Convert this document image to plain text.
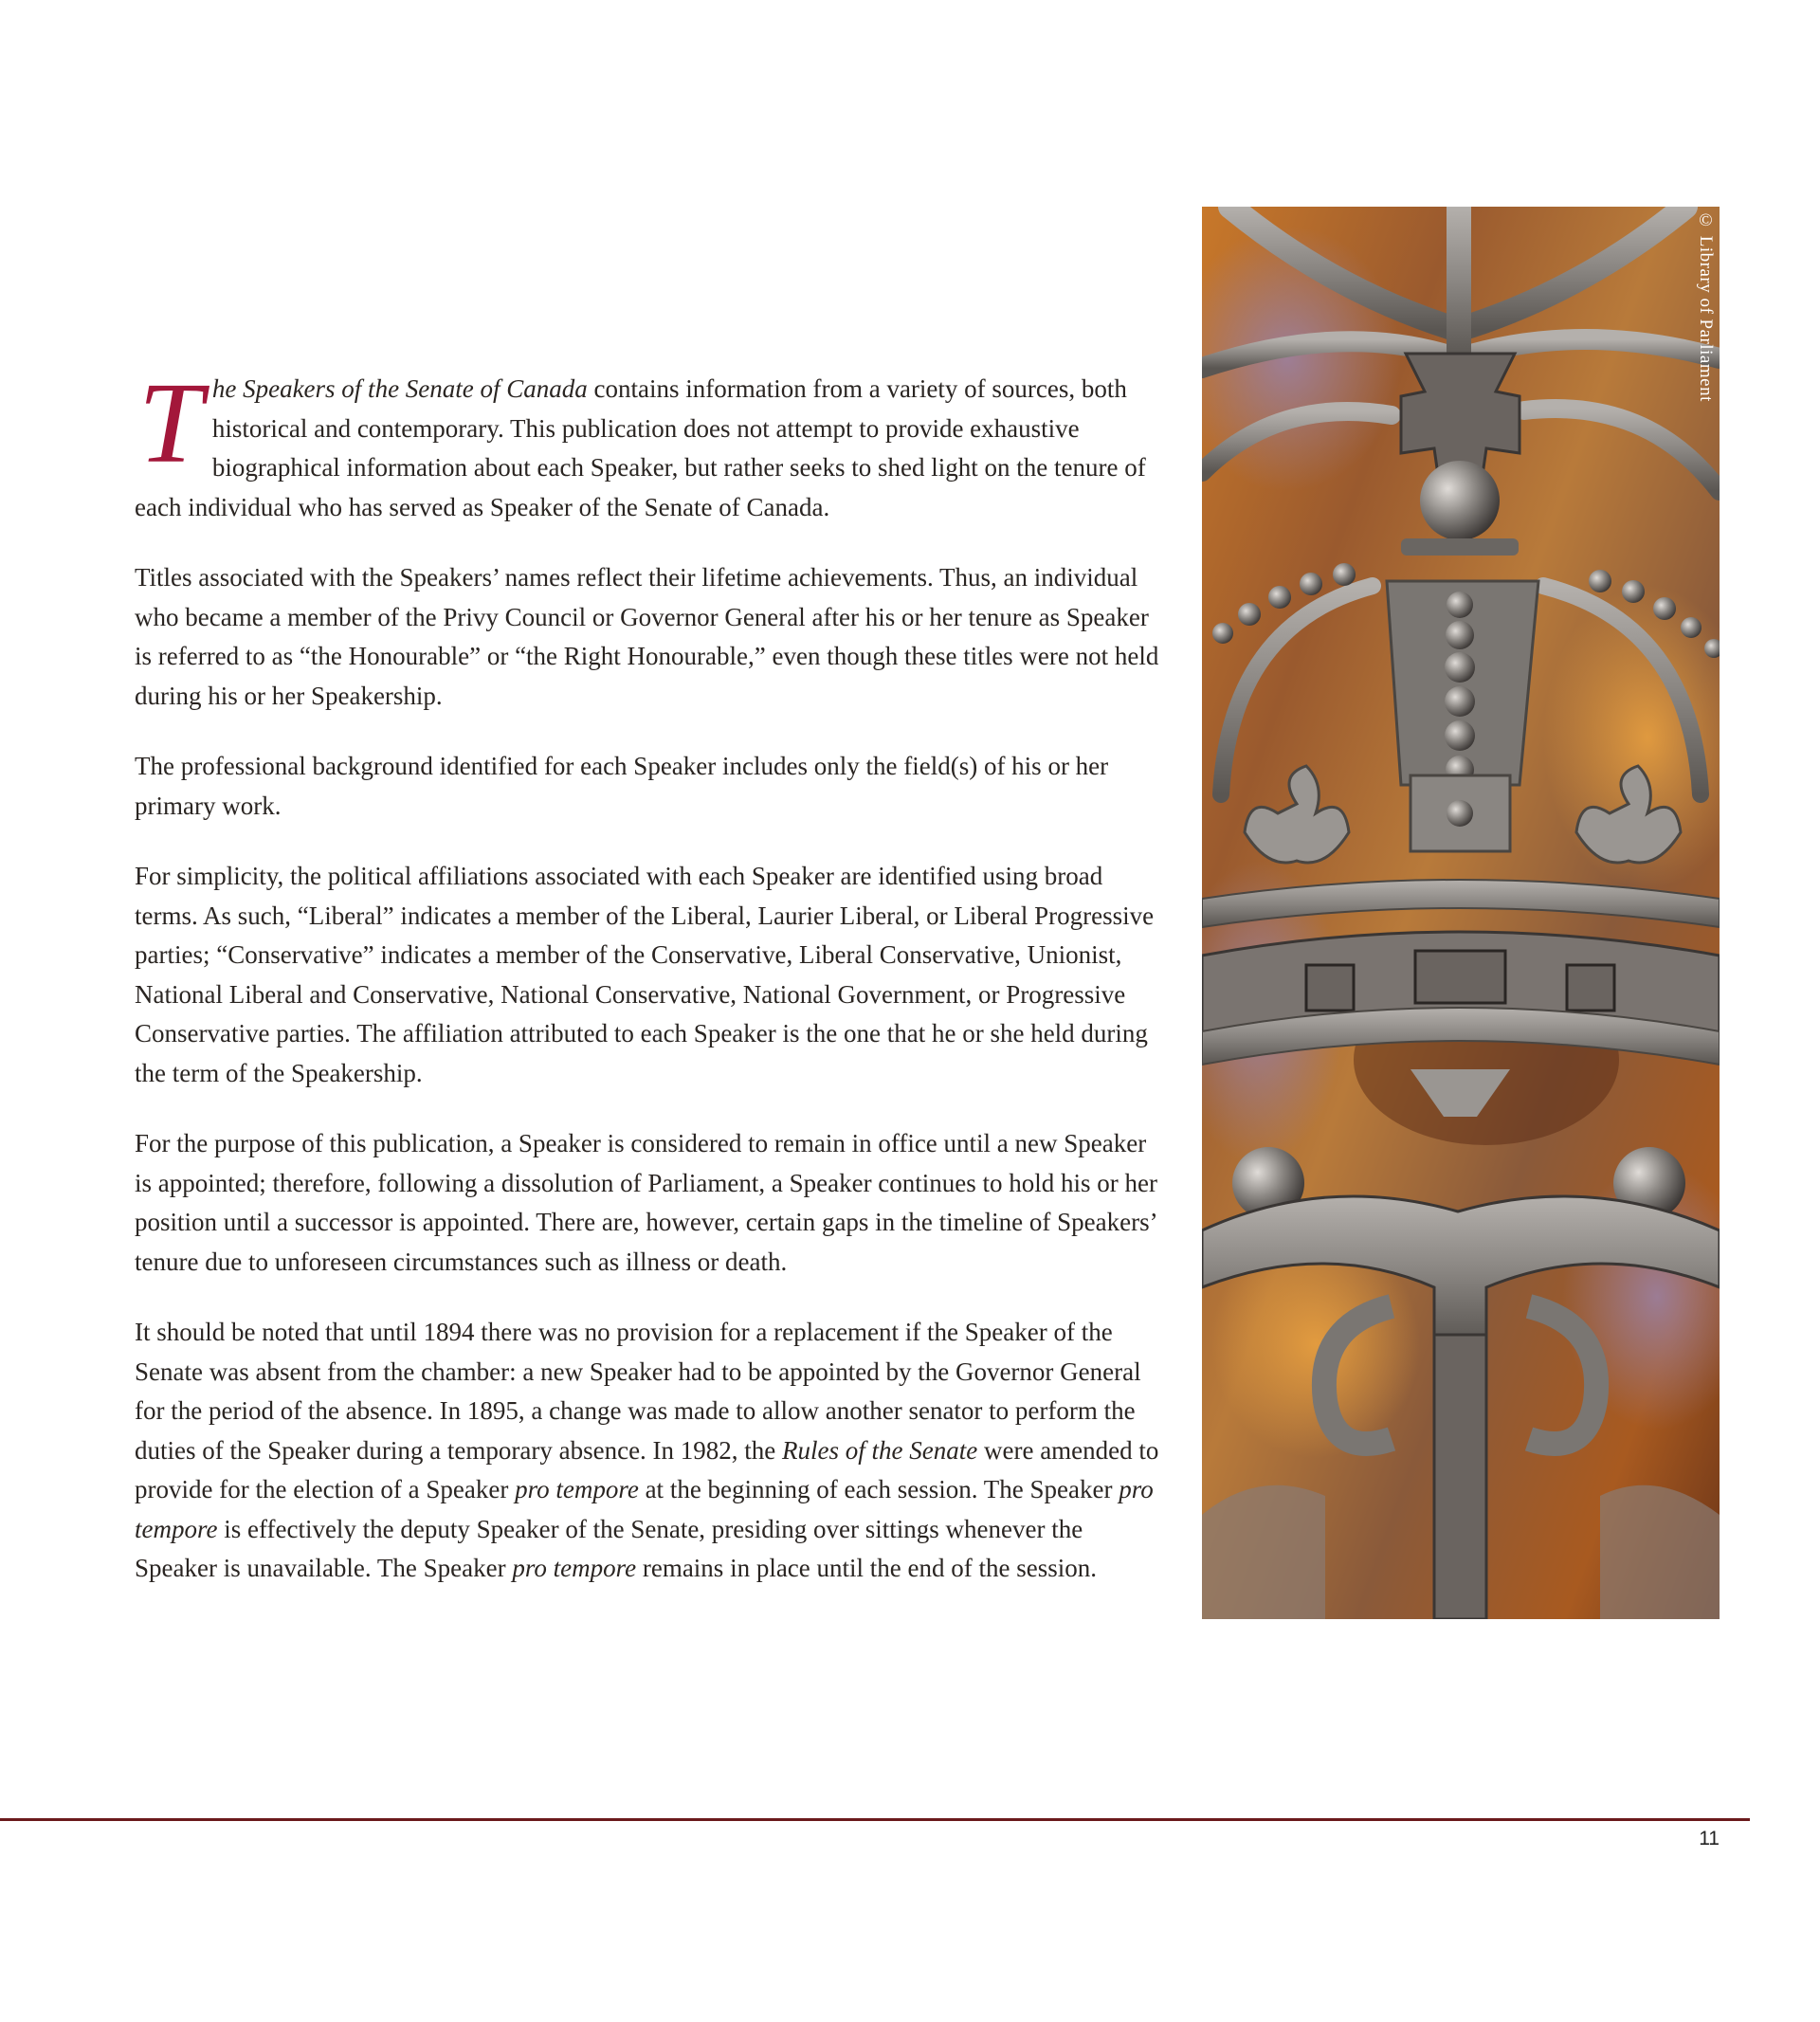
The Speakers of the Senate of Canada contains information from a variety of sources, both historical and contemporary. This publication does not attempt to provide exhaustive biographical information about each Speaker, but rather seeks to shed light on the tenure of each individual who has served as Speaker of the Senate of Canada.

Titles associated with the Speakers’ names reflect their lifetime achievements. Thus, an individual who became a member of the Privy Council or Governor General after his or her tenure as Speaker is referred to as “the Honourable” or “the Right Honourable,” even though these titles were not held during his or her Speakership.

The professional background identified for each Speaker includes only the field(s) of his or her primary work.

For simplicity, the political affiliations associated with each Speaker are identified using broad terms. As such, “Liberal” indicates a member of the Liberal, Laurier Liberal, or Liberal Progressive parties; “Conservative” indicates a member of the Conservative, Liberal Conservative, Unionist, National Liberal and Conservative, National Conservative, National Government, or Progressive Conservative parties. The affiliation attributed to each Speaker is the one that he or she held during the term of the Speakership.

For the purpose of this publication, a Speaker is considered to remain in office until a new Speaker is appointed; therefore, following a dissolution of Parliament, a Speaker continues to hold his or her position until a successor is appointed. There are, however, certain gaps in the timeline of Speakers’ tenure due to unforeseen circumstances such as illness or death.

It should be noted that until 1894 there was no provision for a replacement if the Speaker of the Senate was absent from the chamber: a new Speaker had to be appointed by the Governor General for the period of the absence. In 1895, a change was made to allow another senator to perform the duties of the Speaker during a temporary absence. In 1982, the Rules of the Senate were amended to provide for the election of a Speaker pro tempore at the beginning of each session. The Speaker pro tempore is effectively the deputy Speaker of the Senate, presiding over sittings whenever the Speaker is unavailable. The Speaker pro tempore remains in place until the end of the session.

© Library of Parliament
11
